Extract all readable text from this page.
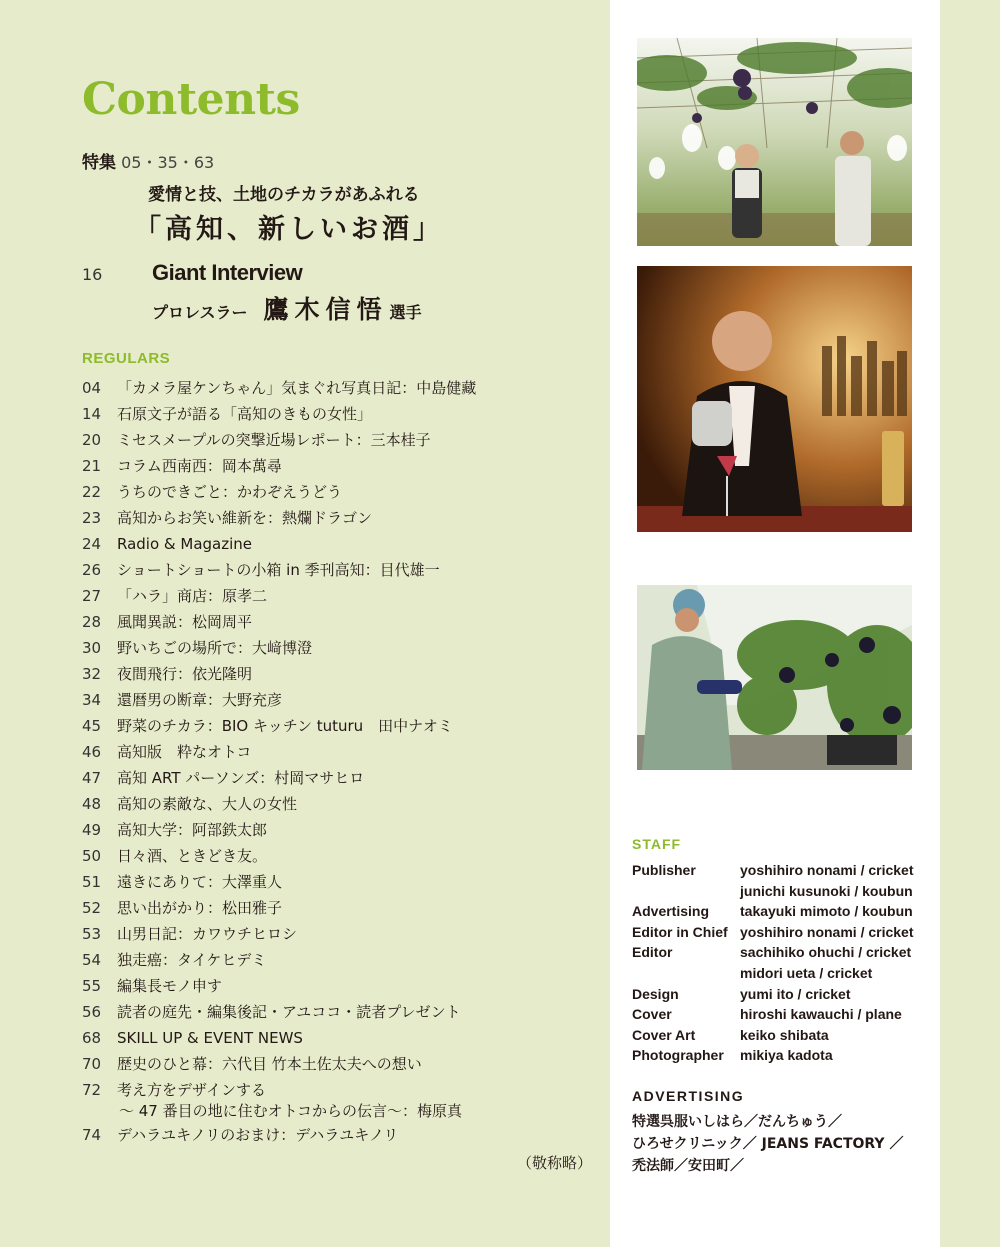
Contents
特集 05・35・63
愛情と技、土地のチカラがあふれる
「高知、新しいお酒」
16 Giant Interview
プロレスラー 鷹木信悟 選手
REGULARS
04	「カメラ屋ケンちゃん」気まぐれ写真日記：中島健藏
14	石原文子が語る「高知のきもの女性」
20	ミセスメープルの突撃近場レポート：三本桂子
21	コラム西南西：岡本萬尋
22	うちのできごと：かわぞえうどう
23	高知からお笑い維新を：熱爛ドラゴン
24	Radio & Magazine
26	ショートショートの小箱 in 季刊高知：目代雄一
27	「ハラ」商店：原孝二
28	風聞異説：松岡周平
30	野いちごの場所で：大﨑博澄
32	夜間飛行：依光隆明
34	還暦男の断章：大野充彦
45	野菜のチカラ：BIO キッチン tuturu　田中ナオミ
46	高知版　粋なオトコ
47	高知 ART パーソンズ：村岡マサヒロ
48	高知の素敵な、大人の女性
49	高知大学：阿部鉄太郎
50	日々酒、ときどき友。
51	遠きにありて：大澤重人
52	思い出がかり：松田雅子
53	山男日記：カワウチヒロシ
54	独走癌：タイケヒデミ
55	編集長モノ申す
56	読者の庭先・編集後記・アユココ・読者プレゼント
68	SKILL UP & EVENT NEWS
70	歴史のひと幕：六代目 竹本土佐太夫への想い
72	考え方をデザインする
～ 47 番目の地に住むオトコからの伝言～：梅原真
74	デハラユキノリのおまけ：デハラユキノリ
（敬称略）
STAFF
Publisher	yoshihiro nonami / cricket
	junichi kusunoki / koubun
Advertising	takayuki mimoto / koubun
Editor in Chief	yoshihiro nonami / cricket
Editor	sachihiko ohuchi / cricket
	midori ueta / cricket
Design	yumi ito / cricket
Cover	hiroshi kawauchi / plane
Cover Art	keiko shibata
Photographer	mikiya kadota
ADVERTISING
特選呉服いしはら／だんちゅう／
ひろせクリニック／ JEANS FACTORY ／
禿法師／安田町／
